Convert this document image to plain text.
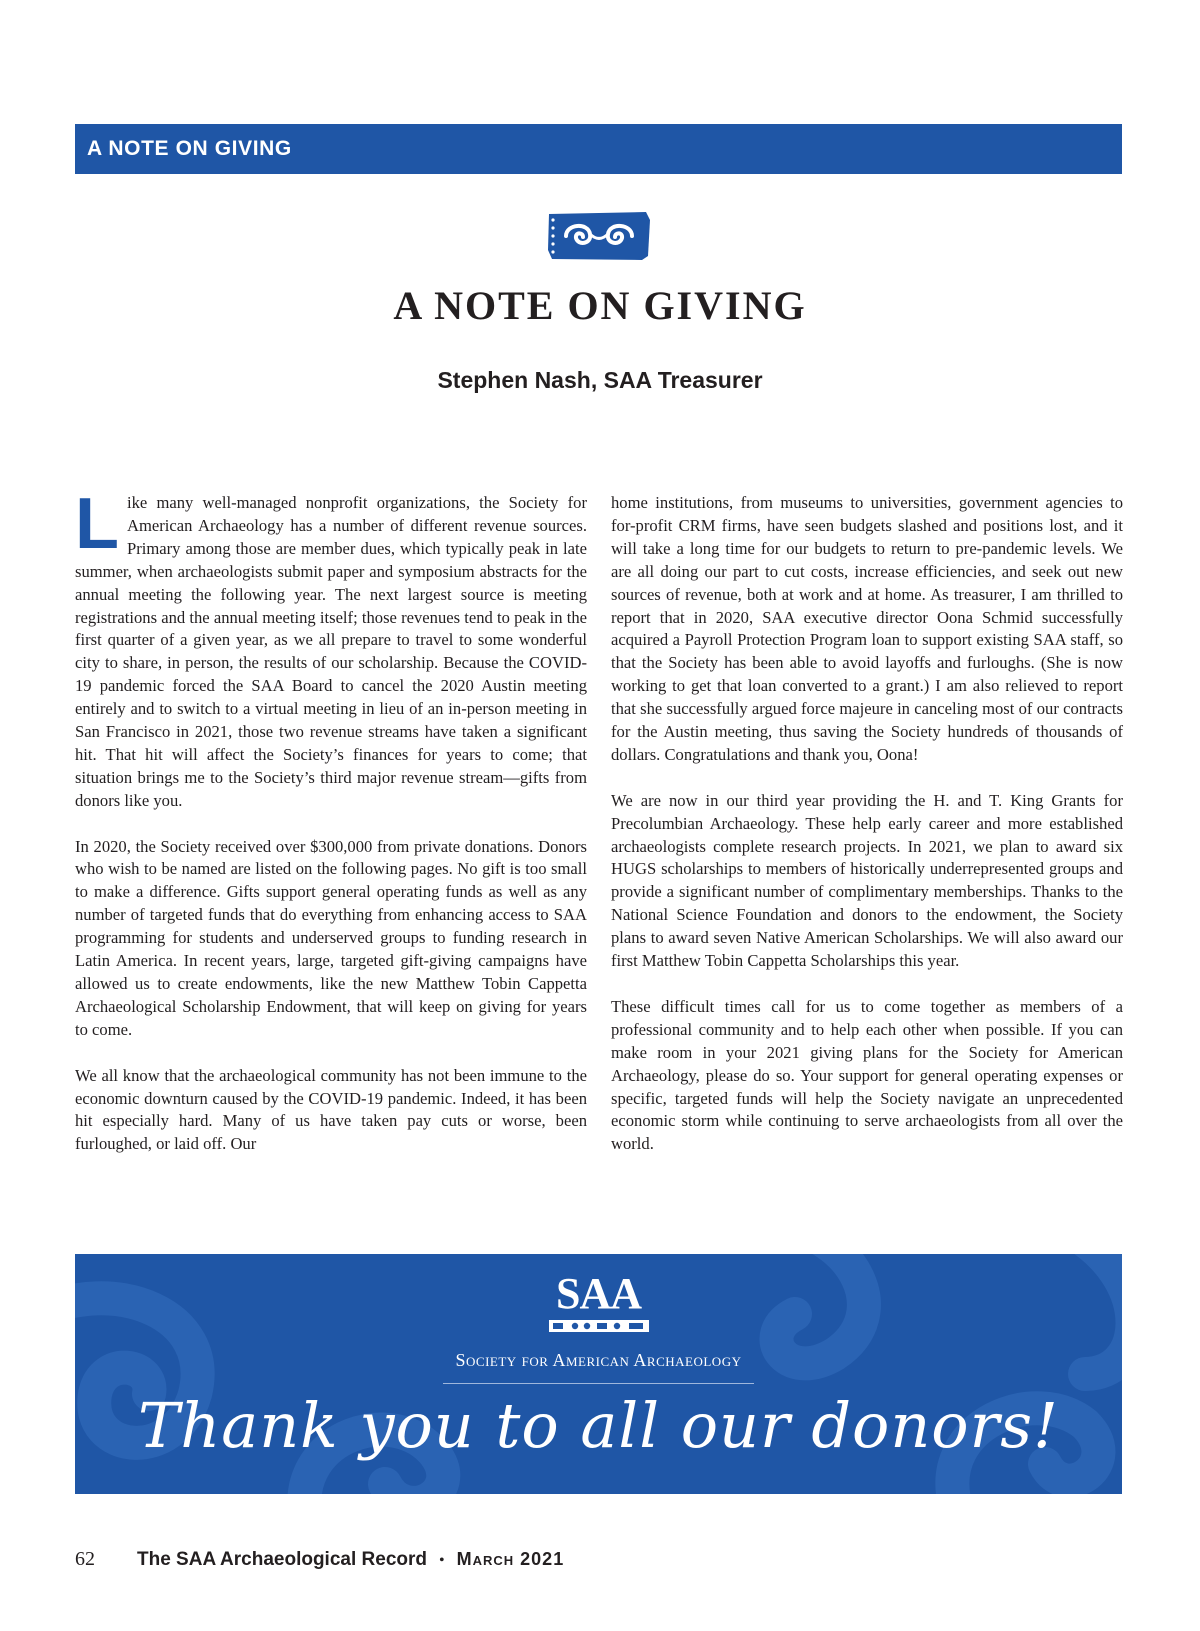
A NOTE ON GIVING
A NOTE ON GIVING
Stephen Nash, SAA Treasurer

Like many well-managed nonprofit organizations, the Society for American Archaeology has a number of different revenue sources. Primary among those are member dues, which typically peak in late summer, when archaeologists submit paper and symposium abstracts for the annual meeting the following year. The next largest source is meeting registrations and the annual meeting itself; those revenues tend to peak in the first quarter of a given year, as we all prepare to travel to some wonderful city to share, in person, the results of our scholarship. Because the COVID-19 pandemic forced the SAA Board to cancel the 2020 Austin meeting entirely and to switch to a virtual meeting in lieu of an in-person meeting in San Francisco in 2021, those two revenue streams have taken a significant hit. That hit will affect the Society’s finances for years to come; that situation brings me to the Society’s third major revenue stream—gifts from donors like you.

In 2020, the Society received over $300,000 from private donations. Donors who wish to be named are listed on the following pages. No gift is too small to make a difference. Gifts support general operating funds as well as any number of targeted funds that do everything from enhancing access to SAA programming for students and underserved groups to funding research in Latin America. In recent years, large, targeted gift-giving campaigns have allowed us to create endowments, like the new Matthew Tobin Cappetta Archaeological Scholarship Endowment, that will keep on giving for years to come.

We all know that the archaeological community has not been immune to the economic downturn caused by the COVID-19 pandemic. Indeed, it has been hit especially hard. Many of us have taken pay cuts or worse, been furloughed, or laid off. Our

home institutions, from museums to universities, government agencies to for-profit CRM firms, have seen budgets slashed and positions lost, and it will take a long time for our budgets to return to pre-pandemic levels. We are all doing our part to cut costs, increase efficiencies, and seek out new sources of revenue, both at work and at home. As treasurer, I am thrilled to report that in 2020, SAA executive director Oona Schmid successfully acquired a Payroll Protection Program loan to support existing SAA staff, so that the Society has been able to avoid layoffs and furloughs. (She is now working to get that loan converted to a grant.) I am also relieved to report that she successfully argued force majeure in canceling most of our contracts for the Austin meeting, thus saving the Society hundreds of thousands of dollars. Congratulations and thank you, Oona!

We are now in our third year providing the H. and T. King Grants for Precolumbian Archaeology. These help early career and more established archaeologists complete research projects. In 2021, we plan to award six HUGS scholarships to members of historically underrepresented groups and provide a significant number of complimentary memberships. Thanks to the National Science Foundation and donors to the endowment, the Society plans to award seven Native American Scholarships. We will also award our first Matthew Tobin Cappetta Scholarships this year.

These difficult times call for us to come together as members of a professional community and to help each other when possible. If you can make room in your 2021 giving plans for the Society for American Archaeology, please do so. Your support for general operating expenses or specific, targeted funds will help the Society navigate an unprecedented economic storm while continuing to serve archaeologists from all over the world.

SAA
Society for American Archaeology
Thank you to all our donors!
62 The SAA Archaeological Record • March 2021
